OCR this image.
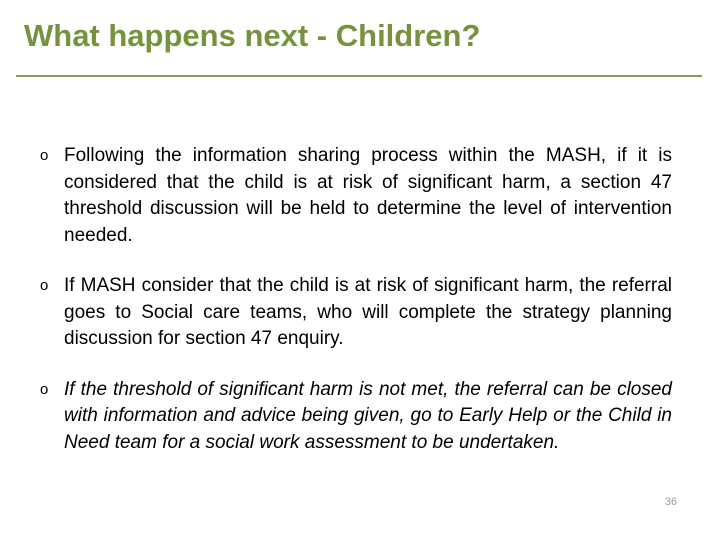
What happens next - Children?
o Following the information sharing process within the MASH, if it is considered that the child is at risk of significant harm, a section 47 threshold discussion will be held to determine the level of intervention needed.
o If MASH consider that the child is at risk of significant harm, the referral goes to Social care teams, who will complete the strategy planning discussion for section 47 enquiry.
o If the threshold of significant harm is not met, the referral can be closed with information and advice being given, go to Early Help or the Child in Need team for a social work assessment to be undertaken.
36
